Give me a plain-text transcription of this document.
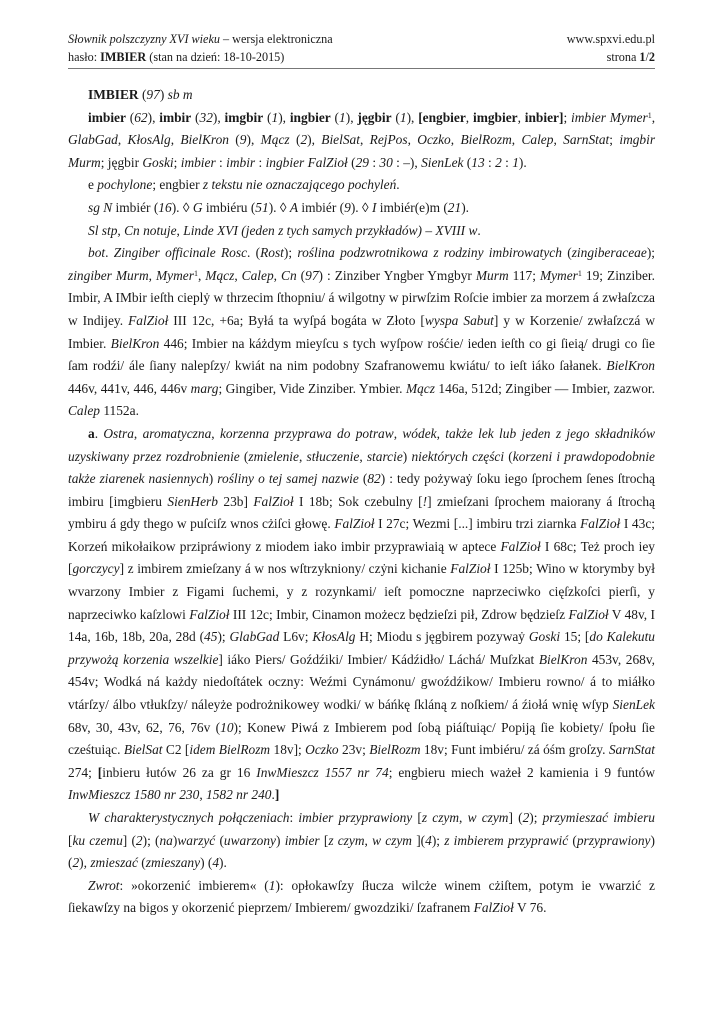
Słownik polszczyzny XVI wieku – wersja elektroniczna	www.spxvi.edu.pl
hasło: IMBIER (stan na dzień: 18-10-2015)	strona 1/2

IMBIER (97) sb m

imbier (62), imbir (32), imgbir (1), ingbier (1), jęgbir (1), [engbier, imgbier, inbier]; imbier Mymer$^1$, GlabGad, KłosAlg, BielKron (9), Mącz (2), BielSat, RejPos, Oczko, BielRozm, Calep, SarnStat; imgbir Murm; jęgbir Goski; imbier : imbir : ingbier FalZioł (29 : 30 : –), SienLek (13 : 2 : 1).

e pochylone; engbier z tekstu nie oznaczającego pochyleń.

sg N imbiér (16). ◊ G imbiéru (51). ◊ A imbiér (9). ◊ I imbiér(e)m (21).

Sl stp, Cn notuje, Linde XVI (jeden z tych samych przykładów) – XVIII w.

bot. Zingiber officinale Rosc. (Rost); roślina podzwrotnikowa z rodziny imbirowatych (zingiberaceae); zingiber Murm, Mymer$^1$, Mącz, Calep, Cn (97) : Zinziber Yngber Ymgbyr Murm 117; Mymer$^1$ 19; Zinziber. Imbir, A IMbir ieſth cieplẏ w thrzecim ſthopniu/ á wilgotny w pirwſzim Roſcie imbier za morzem á zwłaſzcza w Indijey. FalZioł III 12c, +6a; Byłá ta wyſpá bogáta w Złoto [wyspa Sabut] y w Korzenie/ zwłaſzczá w Imbier. BielKron 446; Imbier na káżdym mieyſcu s tych wyſpow rośćie/ ieden ieſth co gi ſieią/ drugi co ſie ſam rodźi/ ále ſiany nalepſzy/ kwiát na nim podobny Szafranowemu kwiátu/ to ieſt iáko ſałanek. BielKron 446v, 441v, 446, 446v marg; Gingiber, Vide Zinziber. Ymbier. Mącz 146a, 512d; Zingiber — Imbier, zazwor. Calep 1152a.

a. Ostra, aromatyczna, korzenna przyprawa do potraw, wódek, także lek lub jeden z jego składników uzyskiwany przez rozdrobnienie (zmielenie, stłuczenie, starcie) niektórych części (korzeni i prawdopodobnie także ziarenek nasiennych) rośliny o tej samej nazwie (82) : tedy pożywaẏ ſoku iego ſprochem ſenes ſtrochą imbiru [imgbieru SienHerb 23b] FalZioł I 18b; Sok czebulny [!] zmieſzani ſprochem maiorany á ſtrochą ymbiru á gdy thego w puſciſz wnos cżiſci głowę. FalZioł I 27c; Wezmi [...] imbiru trzi ziarnka FalZioł I 43c; Korzeń mikołaikow przipráwiony z miodem iako imbir przyprawiaią w aptece FalZioł I 68c; Też proch iey [gorczycy] z imbirem zmieſzany á w nos wſtrzykniony/ czẏni kichanie FalZioł I 125b; Wino w ktorymby był wvarzony Imbier z Figami ſuchemi, y z rozynkami/ ieſt pomoczne naprzeciwko cięſzkoſci pierſi, y naprzeciwko kaſzlowi FalZioł III 12c; Imbir, Cinamon możecz będzieſzi pił, Zdrow będzieſz FalZioł V 48v, I 14a, 16b, 18b, 20a, 28d (45); GlabGad L6v; KłosAlg H; Miodu s jęgbirem pozywaẏ Goski 15; [do Kalekutu przywożą korzenia wszelkie] iáko Piers/ Goźdźiki/ Imbier/ Kádźidło/ Láchá/ Muſzkat BielKron 453v, 268v, 454v; Wodká ná każdy niedoſtátek oczny: Weźmi Cynámonu/ gwoźdźikow/ Imbieru rowno/ á to miáłko vtárſzy/ álbo vtłukſzy/ náleyże podrożnikowey wodki/ w báńkę ſkláną z noſkiem/ á źiołá wnię wſyp SienLek 68v, 30, 43v, 62, 76, 76v (10); Konew Piwá z Imbierem pod ſobą piáſtuiąc/ Popiją ſie kobiety/ ſpołu ſie cześtuiąc. BielSat C2 [idem BielRozm 18v]; Oczko 23v; BielRozm 18v; Funt imbiéru/ zá óśm groſzy. SarnStat 274; [inbieru łutów 26 za gr 16 InwMieszcz 1557 nr 74; engbieru miech ważeł 2 kamienia i 9 funtów InwMieszcz 1580 nr 230, 1582 nr 240.]

W charakterystycznych połączeniach: imbier przyprawiony [z czym, w czym] (2); przymieszać imbieru [ku czemu] (2); (na)warzyć (uwarzony) imbier [z czym, w czym ](4); z imbierem przyprawić (przyprawiony) (2), zmieszać (zmieszany) (4).

Zwrot: »okorzenić imbierem« (1): opłokawſzy ſłucza wilcże winem cżiſtem, potym ie vwarzić z ſiekawſzy na bigos y okorzenić pieprzem/ Imbierem/ gwozdziki/ ſzafranem FalZioł V 76.
